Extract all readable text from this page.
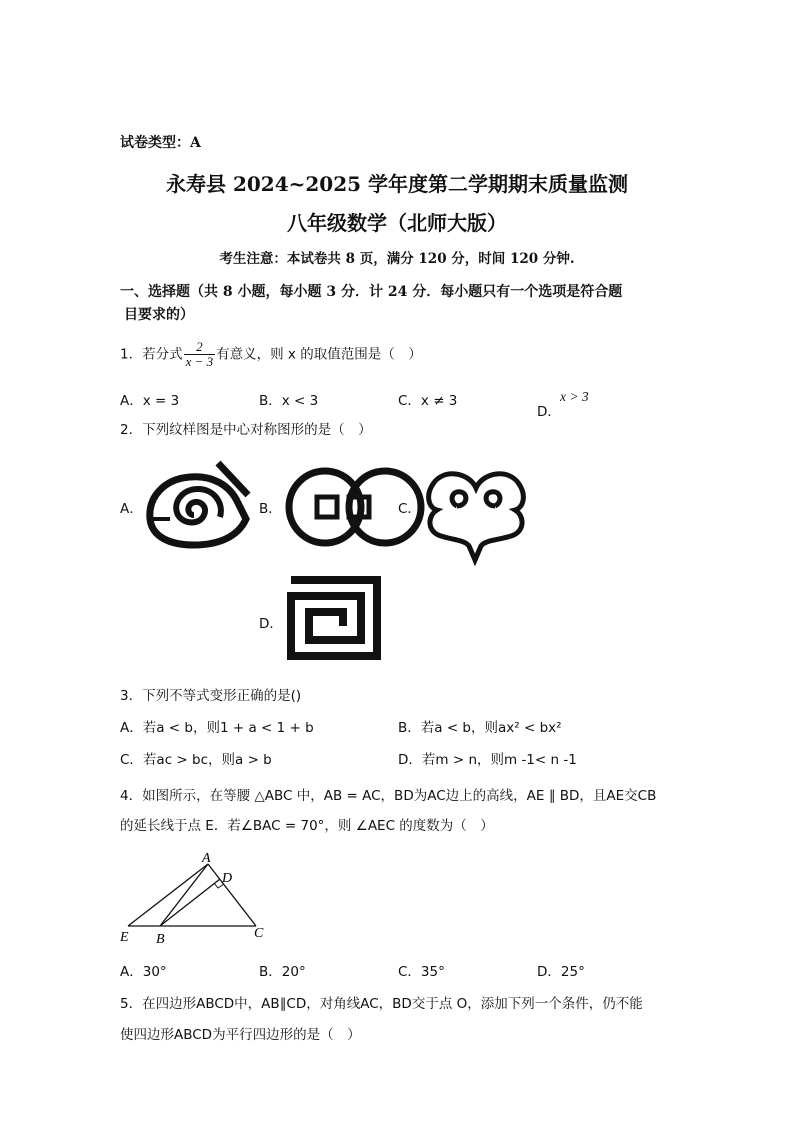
试卷类型：A
永寿县 2024~2025 学年度第二学期期末质量监测
八年级数学（北师大版）
考生注意：本试卷共 8 页，满分 120 分，时间 120 分钟.
一、选择题（共 8 小题，每小题 3 分．计 24 分．每小题只有一个选项是符合题
目要求的）
1．若分式 $\frac{2}{x - 3}$ 有意义，则 x 的取值范围是（　）
A．x = 3	B．x < 3	C．x ≠ 3
D．
x > 3
2．下列纹样图是中心对称图形的是（　）
A．	B．	C．
D．
3．下列不等式变形正确的是()
A．若a < b，则1 + a < 1 + b	B．若a < b，则ax² < bx²
C．若ac > bc，则a > b	D．若m > n，则m -1< n -1
4．如图所示，在等腰 △ABC 中，AB = AC，BD为AC边上的高线，AE ∥ BD，且AE交CB
的延长线于点 E．若∠BAC = 70°，则 ∠AEC 的度数为（　）
A
D
E B	C
A．30°	B．20°	C．35°	D．25°
5．在四边形ABCD中，AB∥CD，对角线AC，BD交于点 O，添加下列一个条件，仍不能
使四边形ABCD为平行四边形的是（　）
